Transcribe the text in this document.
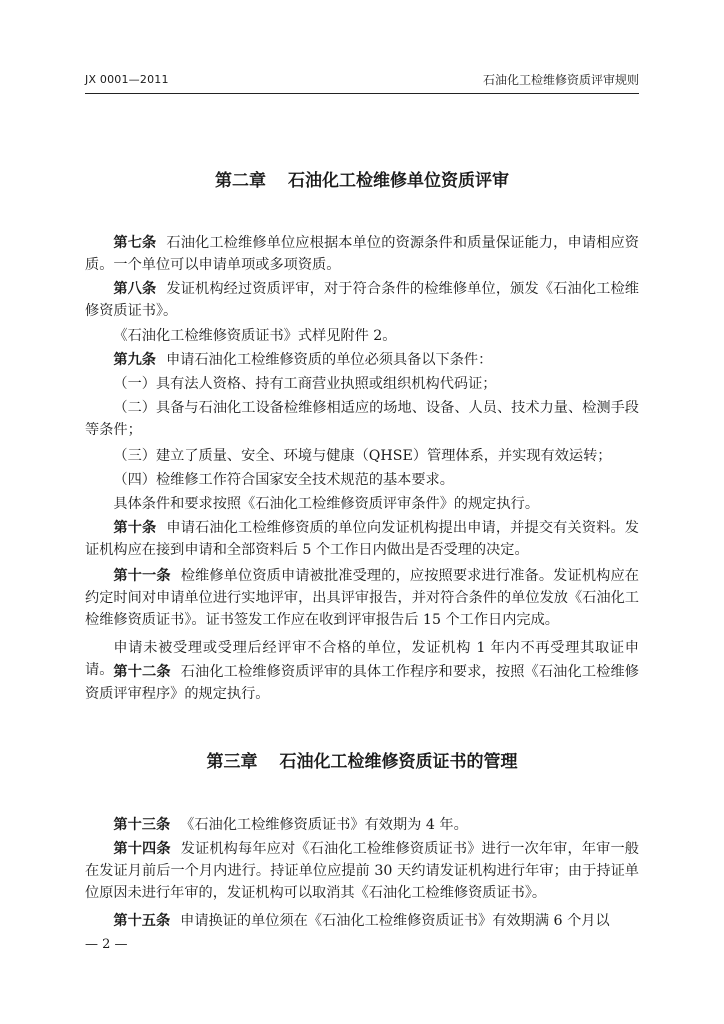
JX 0001—2011	石油化工检维修资质评审规则
第二章 石油化工检维修单位资质评审

第七条 石油化工检维修单位应根据本单位的资源条件和质量保证能力，申请相应资质。一个单位可以申请单项或多项资质。

第八条 发证机构经过资质评审，对于符合条件的检维修单位，颁发《石油化工检维修资质证书》。

《石油化工检维修资质证书》式样见附件 2。

第九条 申请石油化工检维修资质的单位必须具备以下条件：

（一）具有法人资格、持有工商营业执照或组织机构代码证；

（二）具备与石油化工设备检维修相适应的场地、设备、人员、技术力量、检测手段等条件；

（三）建立了质量、安全、环境与健康（QHSE）管理体系，并实现有效运转；

（四）检维修工作符合国家安全技术规范的基本要求。

具体条件和要求按照《石油化工检维修资质评审条件》的规定执行。

第十条 申请石油化工检维修资质的单位向发证机构提出申请，并提交有关资料。发证机构应在接到申请和全部资料后 5 个工作日内做出是否受理的决定。

第十一条 检维修单位资质申请被批准受理的，应按照要求进行准备。发证机构应在约定时间对申请单位进行实地评审，出具评审报告，并对符合条件的单位发放《石油化工检维修资质证书》。证书签发工作应在收到评审报告后 15 个工作日内完成。

申请未被受理或受理后经评审不合格的单位，发证机构 1 年内不再受理其取证申请。 第十二条 石油化工检维修资质评审的具体工作程序和要求，按照《石油化工检维修资质评审程序》的规定执行。

第三章 石油化工检维修资质证书的管理

第十三条 《石油化工检维修资质证书》有效期为 4 年。

第十四条 发证机构每年应对《石油化工检维修资质证书》进行一次年审，年审一般在发证月前后一个月内进行。持证单位应提前 30 天约请发证机构进行年审；由于持证单位原因未进行年审的，发证机构可以取消其《石油化工检维修资质证书》。

第十五条 申请换证的单位须在《石油化工检维修资质证书》有效期满 6 个月以

— 2 —
